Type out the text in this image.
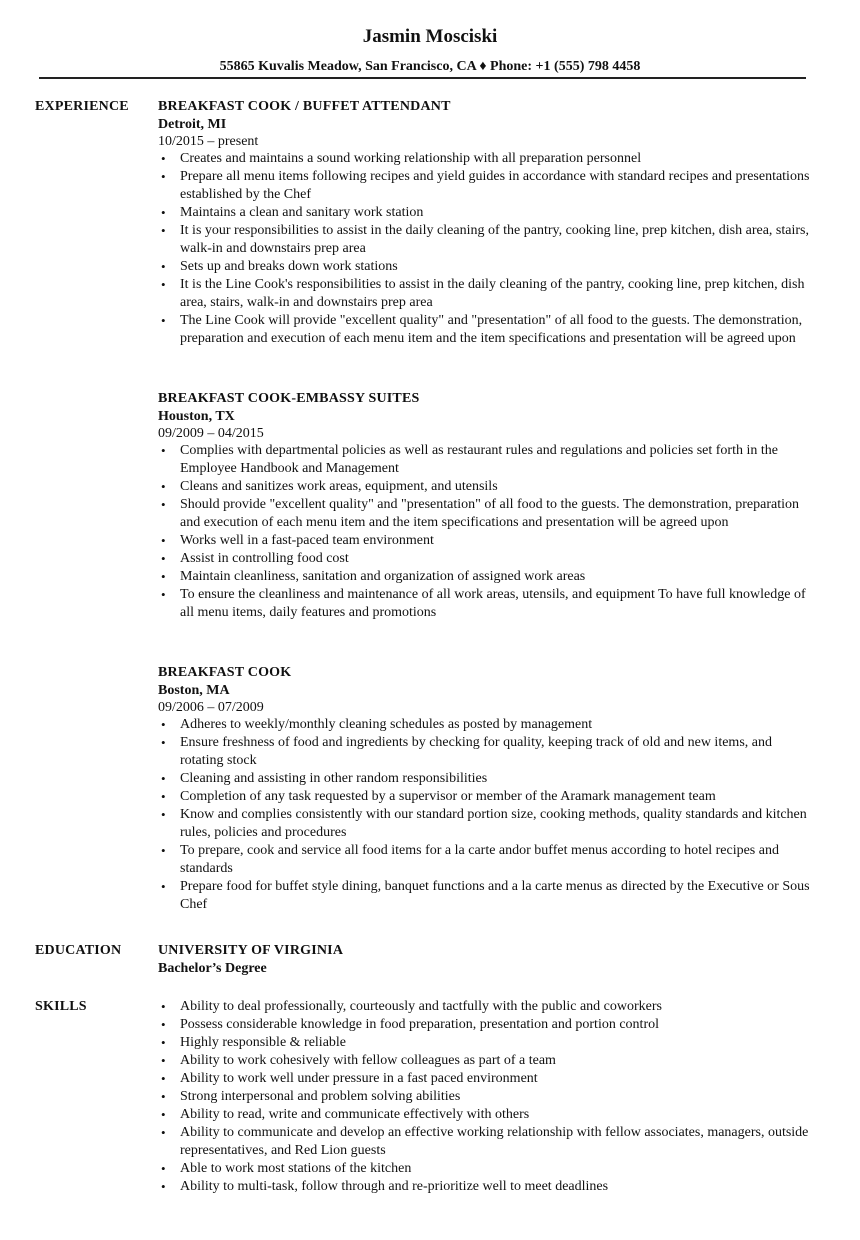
Jasmin Mosciski
55865 Kuvalis Meadow, San Francisco, CA ♦ Phone: +1 (555) 798 4458
EXPERIENCE BREAKFAST COOK / BUFFET ATTENDANT
Detroit, MI
10/2015 – present
• Creates and maintains a sound working relationship with all preparation personnel
• Prepare all menu items following recipes and yield guides in accordance with standard recipes and presentations established by the Chef
• Maintains a clean and sanitary work station
• It is your responsibilities to assist in the daily cleaning of the pantry, cooking line, prep kitchen, dish area, stairs, walk-in and downstairs prep area
• Sets up and breaks down work stations
• It is the Line Cook's responsibilities to assist in the daily cleaning of the pantry, cooking line, prep kitchen, dish area, stairs, walk-in and downstairs prep area
• The Line Cook will provide "excellent quality" and "presentation" of all food to the guests. The demonstration, preparation and execution of each menu item and the item specifications and presentation will be agreed upon
BREAKFAST COOK-EMBASSY SUITES
Houston, TX
09/2009 – 04/2015
• Complies with departmental policies as well as restaurant rules and regulations and policies set forth in the Employee Handbook and Management
• Cleans and sanitizes work areas, equipment, and utensils
• Should provide "excellent quality" and "presentation" of all food to the guests. The demonstration, preparation and execution of each menu item and the item specifications and presentation will be agreed upon
• Works well in a fast-paced team environment
• Assist in controlling food cost
• Maintain cleanliness, sanitation and organization of assigned work areas
• To ensure the cleanliness and maintenance of all work areas, utensils, and equipment To have full knowledge of all menu items, daily features and promotions
BREAKFAST COOK
Boston, MA
09/2006 – 07/2009
• Adheres to weekly/monthly cleaning schedules as posted by management
• Ensure freshness of food and ingredients by checking for quality, keeping track of old and new items, and rotating stock
• Cleaning and assisting in other random responsibilities
• Completion of any task requested by a supervisor or member of the Aramark management team
• Know and complies consistently with our standard portion size, cooking methods, quality standards and kitchen rules, policies and procedures
• To prepare, cook and service all food items for a la carte andor buffet menus according to hotel recipes and standards
• Prepare food for buffet style dining, banquet functions and a la carte menus as directed by the Executive or Sous Chef
EDUCATION	UNIVERSITY OF VIRGINIA
Bachelor’s Degree
SKILLS	• Ability to deal professionally, courteously and tactfully with the public and coworkers
• Possess considerable knowledge in food preparation, presentation and portion control
• Highly responsible & reliable
• Ability to work cohesively with fellow colleagues as part of a team
• Ability to work well under pressure in a fast paced environment
• Strong interpersonal and problem solving abilities
• Ability to read, write and communicate effectively with others
• Ability to communicate and develop an effective working relationship with fellow associates, managers, outside representatives, and Red Lion guests
• Able to work most stations of the kitchen
• Ability to multi-task, follow through and re-prioritize well to meet deadlines
